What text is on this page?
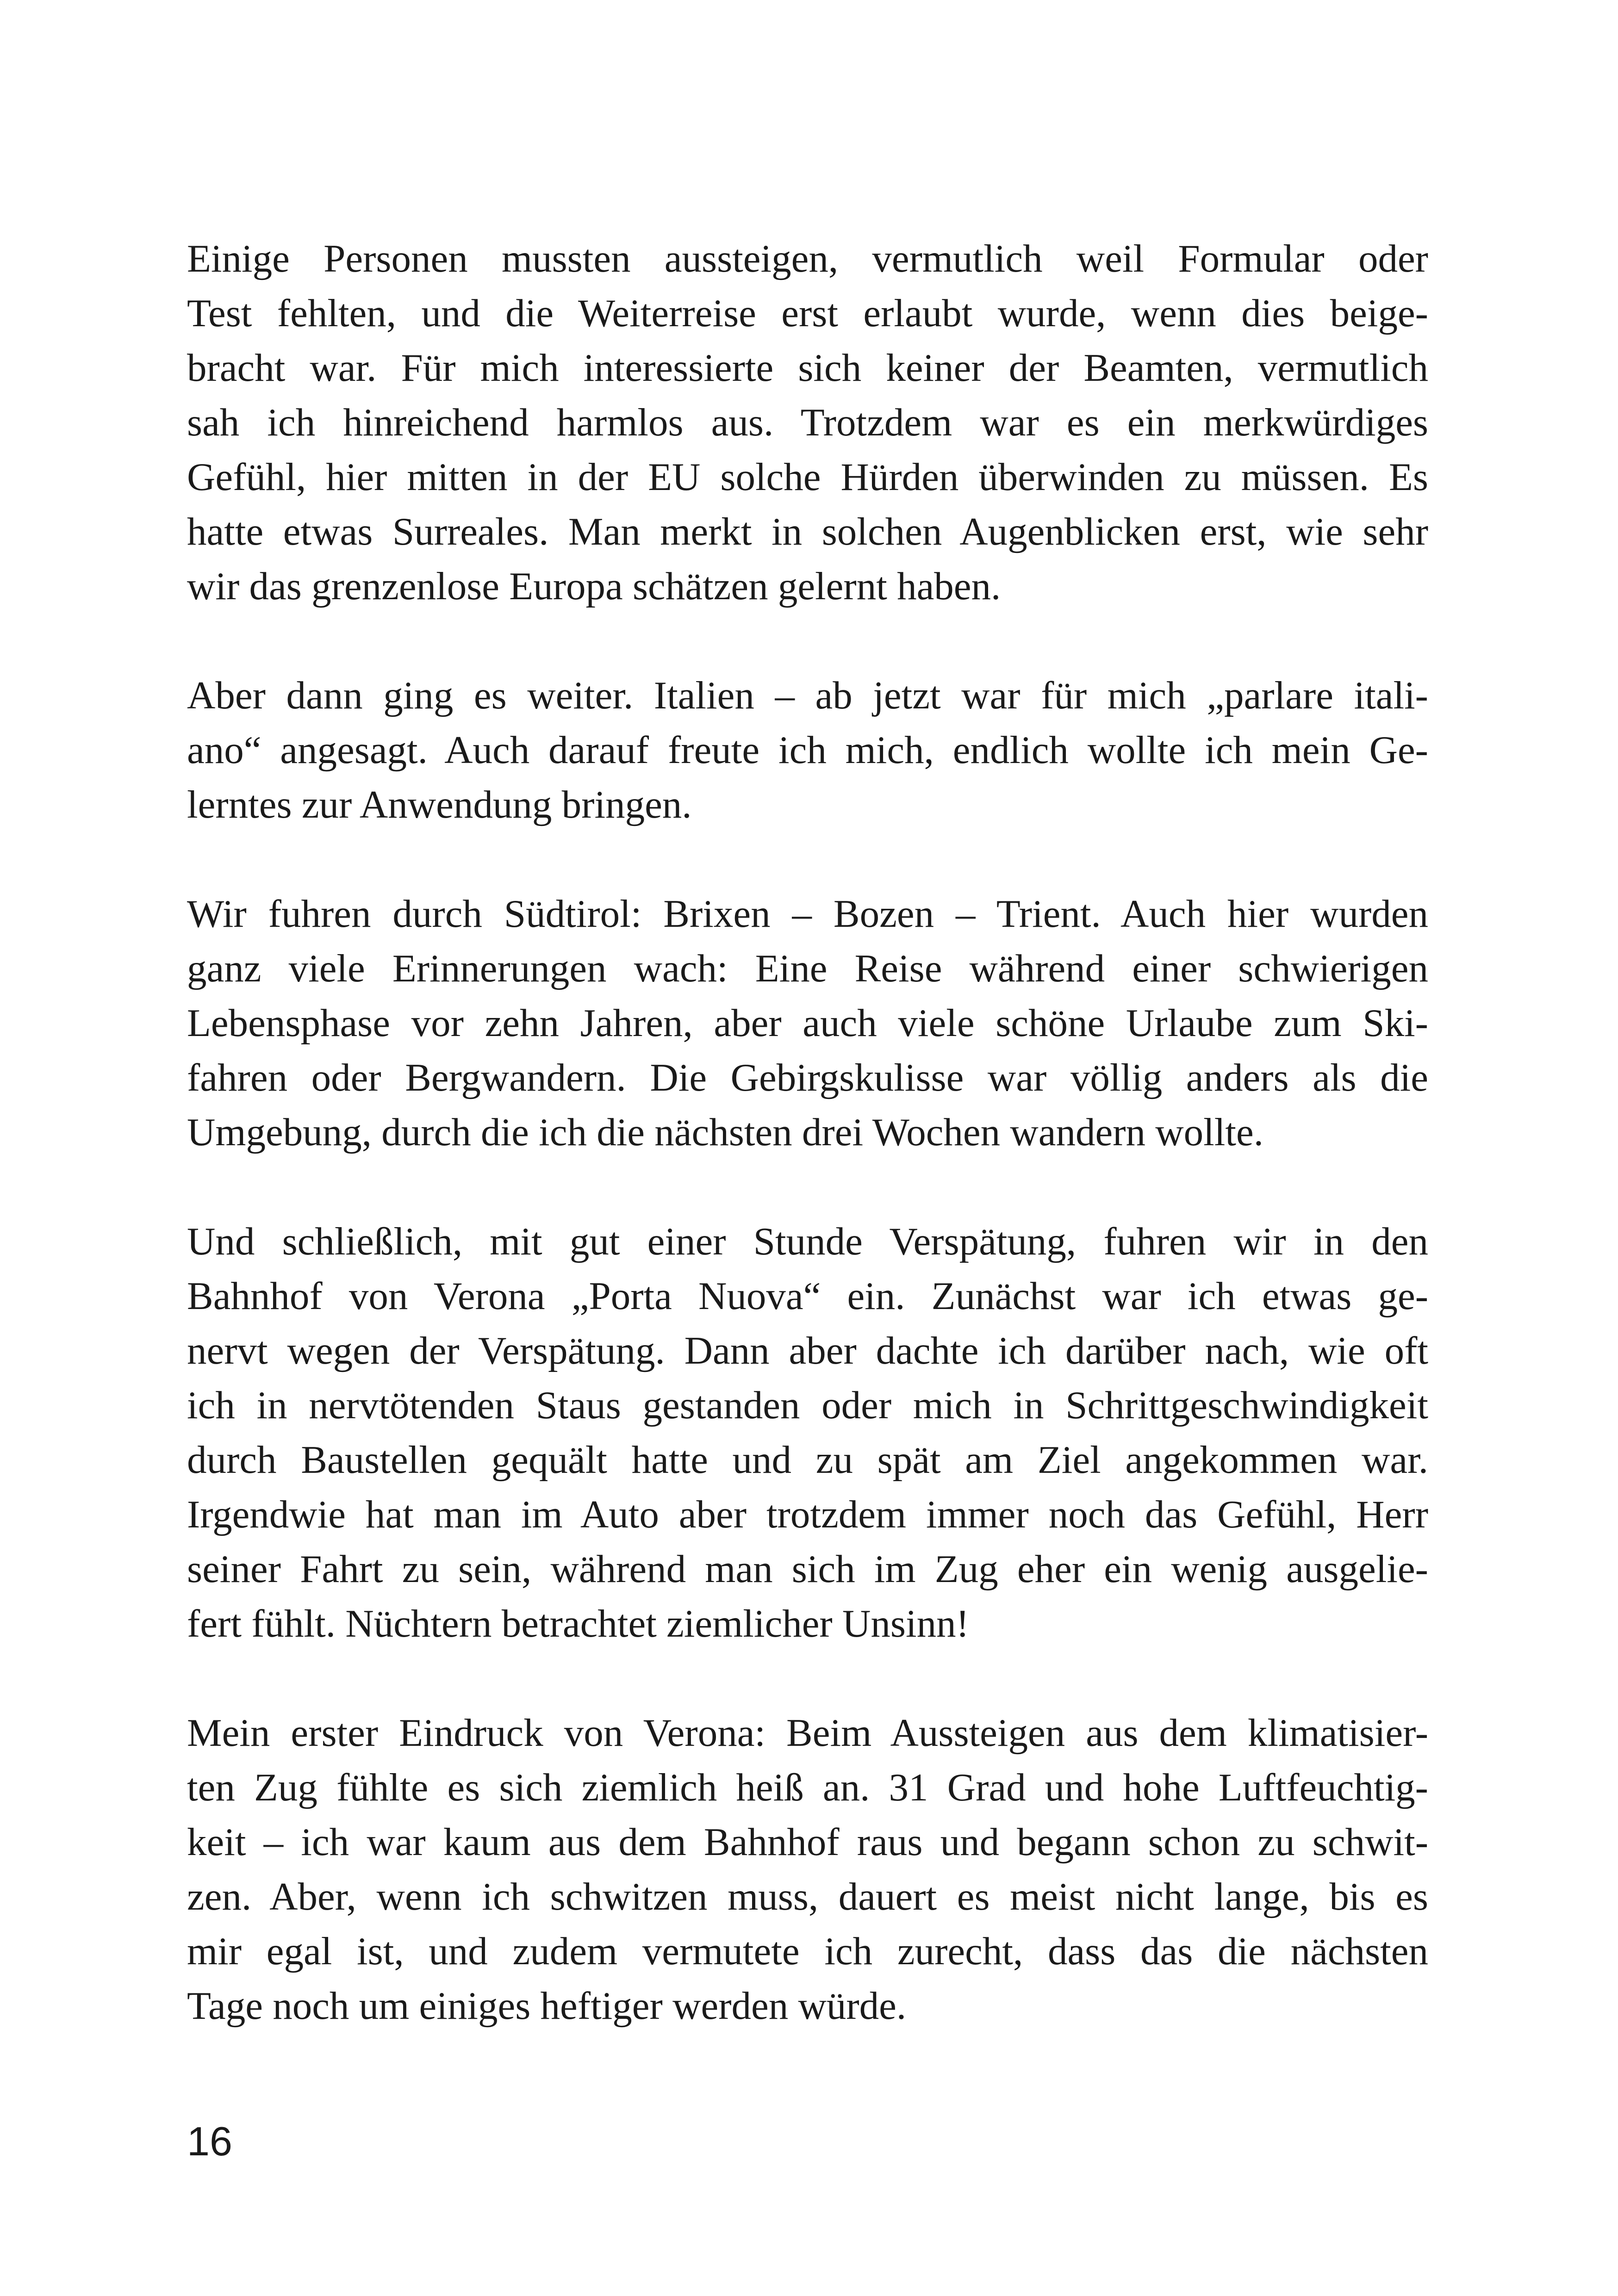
Einige Personen mussten aussteigen, vermutlich weil Formular oder
Test fehlten, und die Weiterreise erst erlaubt wurde, wenn dies beige-
bracht war. Für mich interessierte sich keiner der Beamten, vermutlich
sah ich hinreichend harmlos aus. Trotzdem war es ein merkwürdiges
Gefühl, hier mitten in der EU solche Hürden überwinden zu müssen. Es
hatte etwas Surreales. Man merkt in solchen Augenblicken erst, wie sehr
wir das grenzenlose Europa schätzen gelernt haben.

Aber dann ging es weiter. Italien – ab jetzt war für mich „parlare itali-
ano“ angesagt. Auch darauf freute ich mich, endlich wollte ich mein Ge-
lerntes zur Anwendung bringen.

Wir fuhren durch Südtirol: Brixen – Bozen – Trient. Auch hier wurden
ganz viele Erinnerungen wach: Eine Reise während einer schwierigen
Lebensphase vor zehn Jahren, aber auch viele schöne Urlaube zum Ski-
fahren oder Bergwandern. Die Gebirgskulisse war völlig anders als die
Umgebung, durch die ich die nächsten drei Wochen wandern wollte.

Und schließlich, mit gut einer Stunde Verspätung, fuhren wir in den
Bahnhof von Verona „Porta Nuova“ ein. Zunächst war ich etwas ge-
nervt wegen der Verspätung. Dann aber dachte ich darüber nach, wie oft
ich in nervtötenden Staus gestanden oder mich in Schrittgeschwindigkeit
durch Baustellen gequält hatte und zu spät am Ziel angekommen war.
Irgendwie hat man im Auto aber trotzdem immer noch das Gefühl, Herr
seiner Fahrt zu sein, während man sich im Zug eher ein wenig ausgelie-
fert fühlt. Nüchtern betrachtet ziemlicher Unsinn!

Mein erster Eindruck von Verona: Beim Aussteigen aus dem klimatisier-
ten Zug fühlte es sich ziemlich heiß an. 31 Grad und hohe Luftfeuchtig-
keit – ich war kaum aus dem Bahnhof raus und begann schon zu schwit-
zen. Aber, wenn ich schwitzen muss, dauert es meist nicht lange, bis es
mir egal ist, und zudem vermutete ich zurecht, dass das die nächsten
Tage noch um einiges heftiger werden würde.

16
